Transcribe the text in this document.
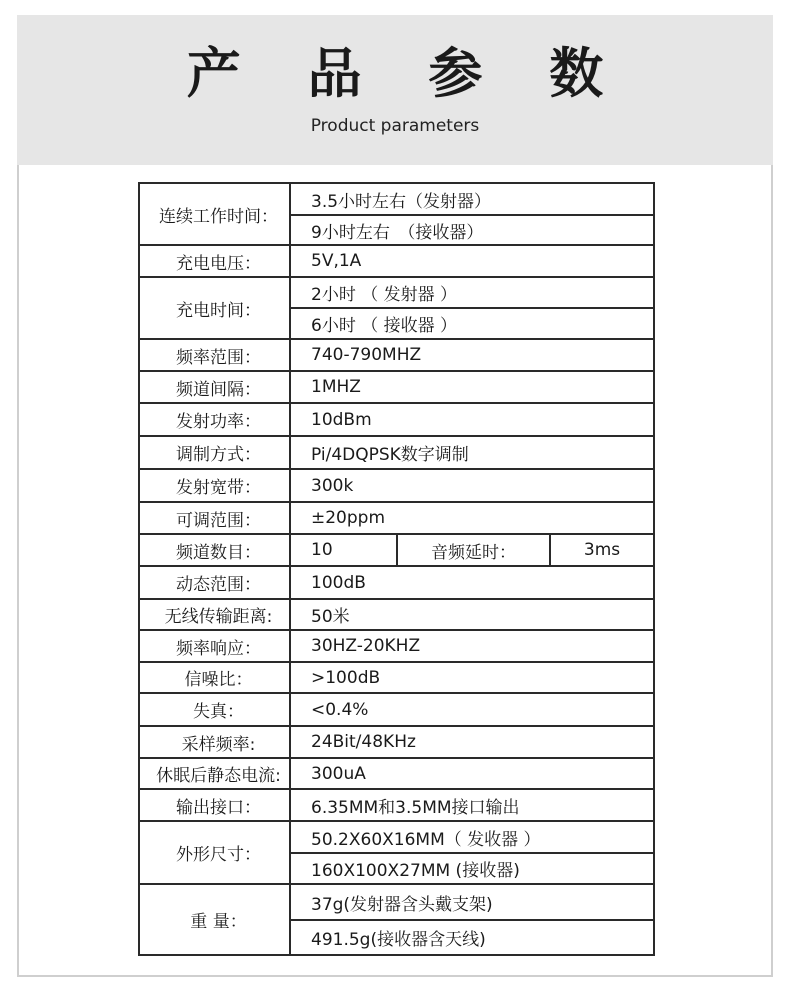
产 品 参 数
Product parameters
连续工作时间：	3.5小时左右（发射器）		
	9小时左右　（接收器）		
充电电压：	5V,1A		
充电时间：	2小时 （ 发射器 ）		
	6小时 （ 接收器 ）		
频率范围：	740-790MHZ		
频道间隔：	1MHZ		
发射功率：	10dBm		
调制方式：	Pi/4DQPSK数字调制		
发射宽带：	300k		
可调范围：	±20ppm		
频道数目：	10	音频延时：	3ms
动态范围：	100dB		
无线传输距离:	50米		
频率响应：	30HZ-20KHZ		
信噪比：	>100dB		
失真：	<0.4%		
采样频率:	24Bit/48KHz		
休眠后静态电流:	300uA		
输出接口：	6.35MM和3.5MM接口输出		
外形尺寸：	50.2X60X16MM（ 发收器 ）		
	160X100X27MM (接收器)		
重 量：	37g(发射器含头戴支架)		
	491.5g(接收器含天线)		
